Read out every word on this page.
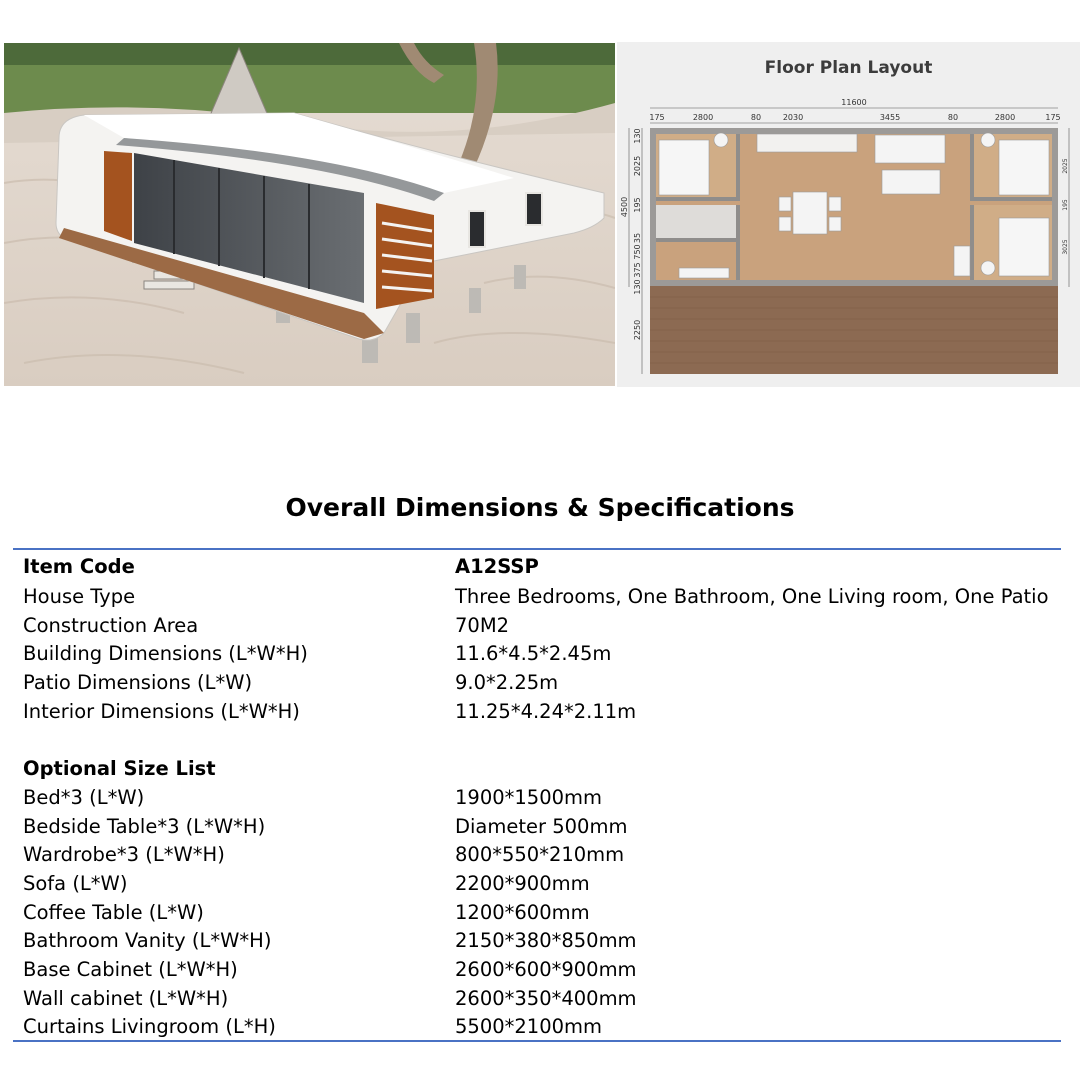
Floor Plan Layout
11600
175	2800	80	2030	3455	80	2800	175
4500
130
2025
195
35
750
375
130
2250
2025
195
3025
Overall Dimensions & Specifications
Item Code	A12SSP
House Type	Three Bedrooms, One Bathroom, One Living room, One Patio
Construction Area	70M2
Building Dimensions (L*W*H)	11.6*4.5*2.45m
Patio Dimensions (L*W)	9.0*2.25m
Interior Dimensions (L*W*H)	11.25*4.24*2.11m
Optional Size List
Bed*3 (L*W)	1900*1500mm
Bedside Table*3 (L*W*H)	Diameter 500mm
Wardrobe*3 (L*W*H)	800*550*210mm
Sofa (L*W)	2200*900mm
Coffee Table (L*W)	1200*600mm
Bathroom Vanity (L*W*H)	2150*380*850mm
Base Cabinet (L*W*H)	2600*600*900mm
Wall cabinet (L*W*H)	2600*350*400mm
Curtains Livingroom (L*H)	5500*2100mm
